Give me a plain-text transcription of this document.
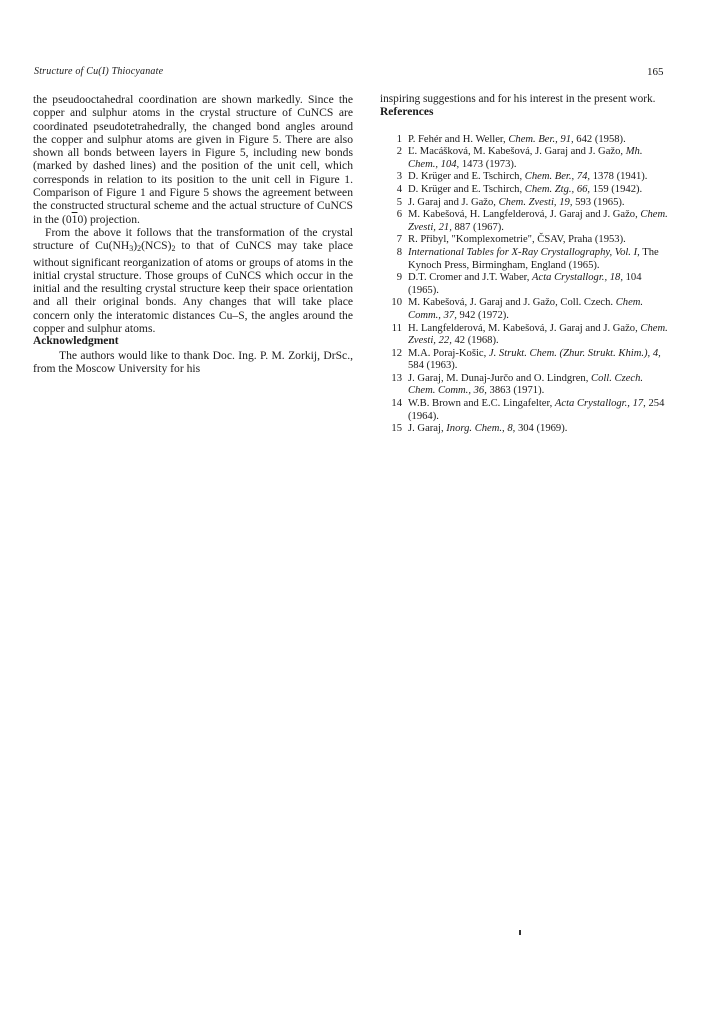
Structure of Cu(I) Thiocyanate	165

the pseudooctahedral coordination are shown markedly. Since the copper and sulphur atoms in the crystal structure of CuNCS are coordinated pseudotetrahedrally, the changed bond angles around the copper and sulphur atoms are given in Figure 5. There are also shown all bonds between layers in Figure 5, including new bonds (marked by dashed lines) and the position of the unit cell, which corresponds in relation to its position to the unit cell in Figure 1. Comparison of Figure 1 and Figure 5 shows the agreement between the constructed structural scheme and the actual structure of CuNCS in the (010) projection.

From the above it follows that the transformation of the crystal structure of $Cu(NH_3)_2(NCS)_2$ to that of CuNCS may take place without significant reorganization of atoms or groups of atoms in the initial crystal structure. Those groups of CuNCS which occur in the initial and the resulting crystal structure keep their space orientation and all their original bonds. Any changes that will take place concern only the interatomic distances Cu–S, the angles around the copper and sulphur atoms.

Acknowledgment

The authors would like to thank Doc. Ing. P. M. Zorkij, DrSc., from the Moscow University for his

inspiring suggestions and for his interest in the present work.

References

1 P. Fehér and H. Weller, Chem. Ber., 91, 642 (1958).
2 Ľ. Macášková, M. Kabešová, J. Garaj and J. Gažo, Mh. Chem., 104, 1473 (1973).
3 D. Krüger and E. Tschirch, Chem. Ber., 74, 1378 (1941).
4 D. Krüger and E. Tschirch, Chem. Ztg., 66, 159 (1942).
5 J. Garaj and J. Gažo, Chem. Zvesti, 19, 593 (1965).
6 M. Kabešová, H. Langfelderová, J. Garaj and J. Gažo, Chem. Zvesti, 21, 887 (1967).
7 R. Přibyl, "Komplexometrie", ČSAV, Praha (1953).
8 International Tables for X-Ray Crystallography, Vol. I, The Kynoch Press, Birmingham, England (1965).
9 D.T. Cromer and J.T. Waber, Acta Crystallogr., 18, 104 (1965).
10 M. Kabešová, J. Garaj and J. Gažo, Coll. Czech. Chem. Comm., 37, 942 (1972).
11 H. Langfelderová, M. Kabešová, J. Garaj and J. Gažo, Chem. Zvesti, 22, 42 (1968).
12 M.A. Poraj-Košic, J. Strukt. Chem. (Zhur. Strukt. Khim.), 4, 584 (1963).
13 J. Garaj, M. Dunaj-Jurčo and O. Lindgren, Coll. Czech. Chem. Comm., 36, 3863 (1971).
14 W.B. Brown and E.C. Lingafelter, Acta Crystallogr., 17, 254 (1964).
15 J. Garaj, Inorg. Chem., 8, 304 (1969).
